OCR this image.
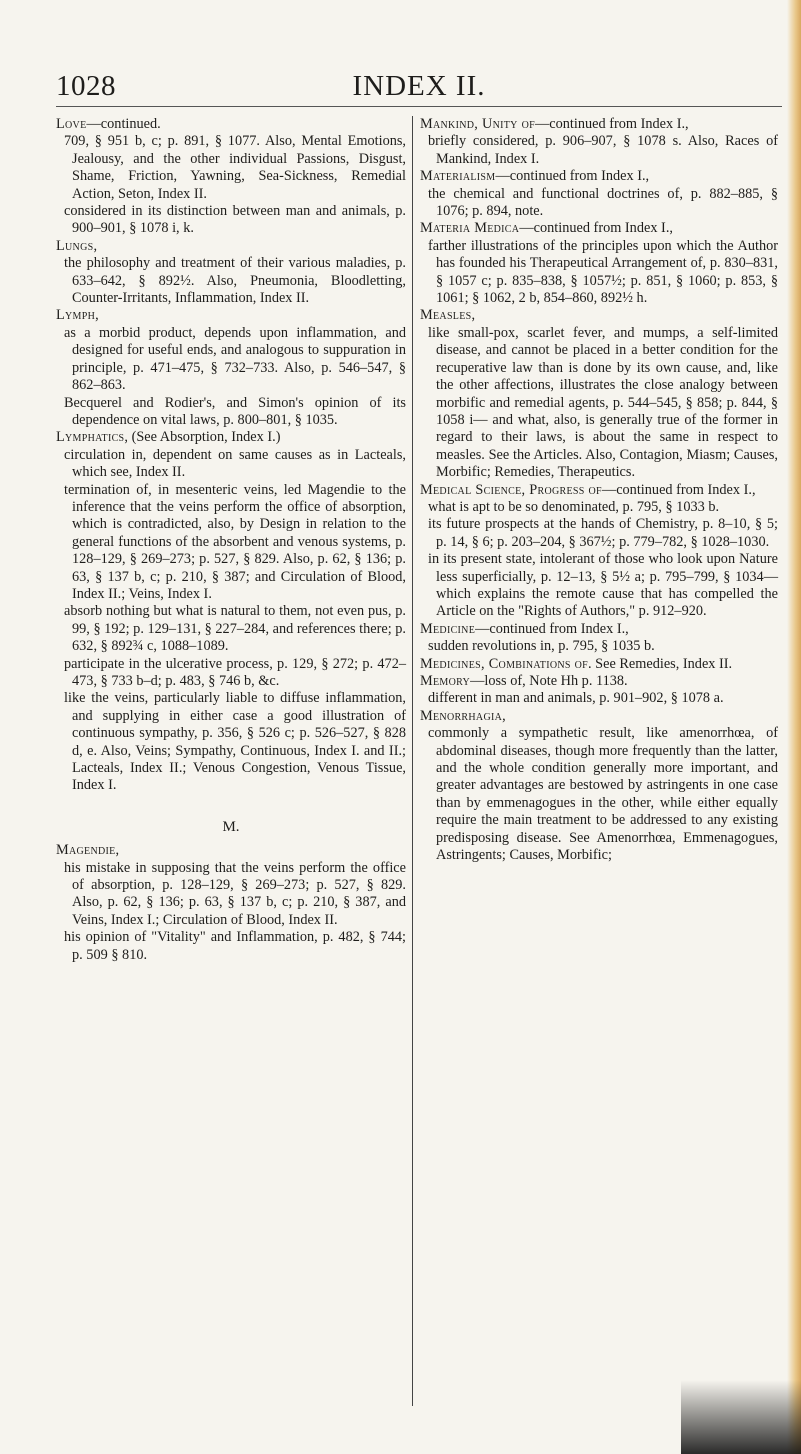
1028	INDEX II.

Love—continued.

709, § 951 b, c; p. 891, § 1077. Also, Mental Emotions, Jealousy, and the other individual Passions, Disgust, Shame, Friction, Yawning, Sea-Sickness, Remedial Action, Seton, Index II.

considered in its distinction between man and animals, p. 900–901, § 1078 i, k.

Lungs,

the philosophy and treatment of their various maladies, p. 633–642, § 892½. Also, Pneumonia, Bloodletting, Counter-Irritants, Inflammation, Index II.

Lymph,

as a morbid product, depends upon inflammation, and designed for useful ends, and analogous to suppuration in principle, p. 471–475, § 732–733. Also, p. 546–547, § 862–863.

Becquerel and Rodier's, and Simon's opinion of its dependence on vital laws, p. 800–801, § 1035.

Lymphatics, (See Absorption, Index I.)

circulation in, dependent on same causes as in Lacteals, which see, Index II.

termination of, in mesenteric veins, led Magendie to the inference that the veins perform the office of absorption, which is contradicted, also, by Design in relation to the general functions of the absorbent and venous systems, p. 128–129, § 269–273; p. 527, § 829. Also, p. 62, § 136; p. 63, § 137 b, c; p. 210, § 387; and Circulation of Blood, Index II.; Veins, Index I.

absorb nothing but what is natural to them, not even pus, p. 99, § 192; p. 129–131, § 227–284, and references there; p. 632, § 892¾ c, 1088–1089.

participate in the ulcerative process, p. 129, § 272; p. 472–473, § 733 b–d; p. 483, § 746 b, &c.

like the veins, particularly liable to diffuse inflammation, and supplying in either case a good illustration of continuous sympathy, p. 356, § 526 c; p. 526–527, § 828 d, e. Also, Veins; Sympathy, Continuous, Index I. and II.; Lacteals, Index II.; Venous Congestion, Venous Tissue, Index I.

M.

Magendie,

his mistake in supposing that the veins perform the office of absorption, p. 128–129, § 269–273; p. 527, § 829. Also, p. 62, § 136; p. 63, § 137 b, c; p. 210, § 387, and Veins, Index I.; Circulation of Blood, Index II.

his opinion of "Vitality" and Inflammation, p. 482, § 744; p. 509 § 810.

Mankind, Unity of—continued from Index I.,

briefly considered, p. 906–907, § 1078 s. Also, Races of Mankind, Index I.

Materialism—continued from Index I.,

the chemical and functional doctrines of, p. 882–885, § 1076; p. 894, note.

Materia Medica—continued from Index I.,

farther illustrations of the principles upon which the Author has founded his Therapeutical Arrangement of, p. 830–831, § 1057 c; p. 835–838, § 1057½; p. 851, § 1060; p. 853, § 1061; § 1062, 2 b, 854–860, 892½ h.

Measles,

like small-pox, scarlet fever, and mumps, a self-limited disease, and cannot be placed in a better condition for the recuperative law than is done by its own cause, and, like the other affections, illustrates the close analogy between morbific and remedial agents, p. 544–545, § 858; p. 844, § 1058 i— and what, also, is generally true of the former in regard to their laws, is about the same in respect to measles. See the Articles. Also, Contagion, Miasm; Causes, Morbific; Remedies, Therapeutics.

Medical Science, Progress of—continued from Index I.,

what is apt to be so denominated, p. 795, § 1033 b.

its future prospects at the hands of Chemistry, p. 8–10, § 5; p. 14, § 6; p. 203–204, § 367½; p. 779–782, § 1028–1030.

in its present state, intolerant of those who look upon Nature less superficially, p. 12–13, § 5½ a; p. 795–799, § 1034—which explains the remote cause that has compelled the Article on the "Rights of Authors," p. 912–920.

Medicine—continued from Index I.,

sudden revolutions in, p. 795, § 1035 b.

Medicines, Combinations of. See Remedies, Index II.

Memory—loss of, Note Hh p. 1138.

different in man and animals, p. 901–902, § 1078 a.

Menorrhagia,

commonly a sympathetic result, like amenorrhœa, of abdominal diseases, though more frequently than the latter, and the whole condition generally more important, and greater advantages are bestowed by astringents in one case than by emmenagogues in the other, while either equally require the main treatment to be addressed to any existing predisposing disease. See Amenorrhœa, Emmenagogues, Astringents; Causes, Morbific;
